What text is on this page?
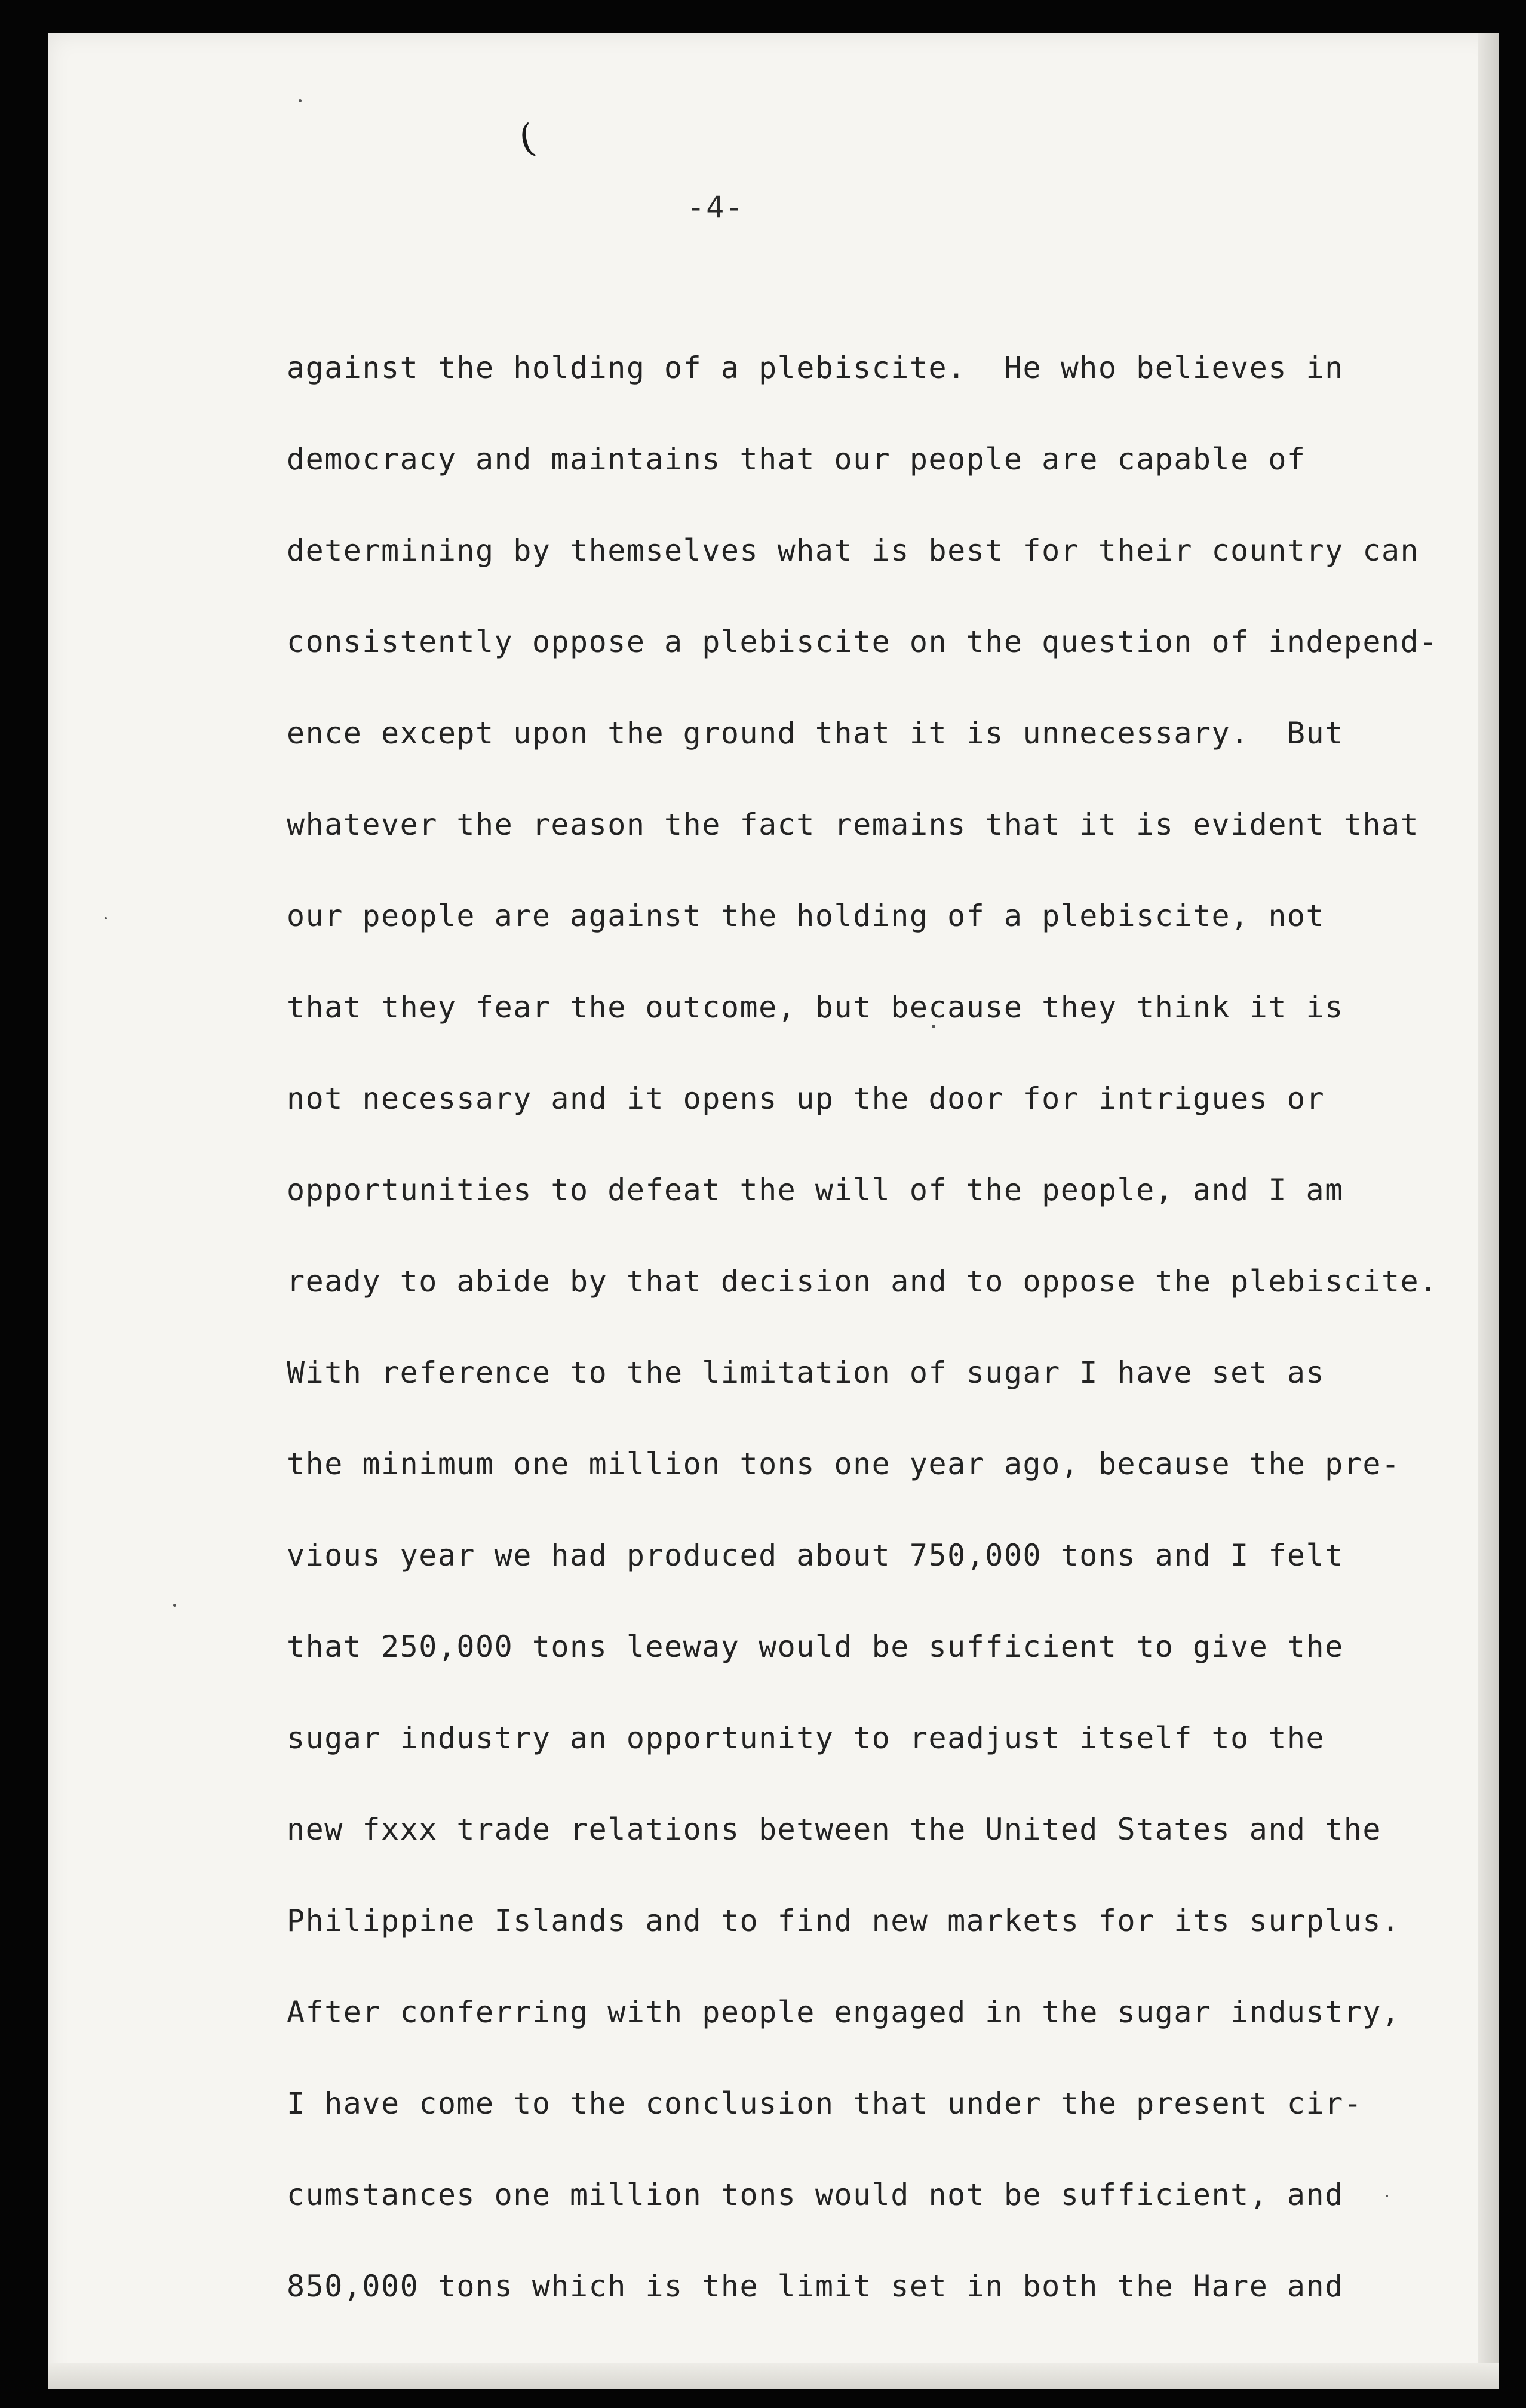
(
-4-
against the holding of a plebiscite.  He who believes in
democracy and maintains that our people are capable of
determining by themselves what is best for their country can
consistently oppose a plebiscite on the question of independ-
ence except upon the ground that it is unnecessary.  But
whatever the reason the fact remains that it is evident that
our people are against the holding of a plebiscite, not
that they fear the outcome, but because they think it is
not necessary and it opens up the door for intrigues or
opportunities to defeat the will of the people, and I am
ready to abide by that decision and to oppose the plebiscite.
With reference to the limitation of sugar I have set as
the minimum one million tons one year ago, because the pre-
vious year we had produced about 750,000 tons and I felt
that 250,000 tons leeway would be sufficient to give the
sugar industry an opportunity to readjust itself to the
new fxxx trade relations between the United States and the
Philippine Islands and to find new markets for its surplus.
After conferring with people engaged in the sugar industry,
I have come to the conclusion that under the present cir-
cumstances one million tons would not be sufficient, and
850,000 tons which is the limit set in both the Hare and
